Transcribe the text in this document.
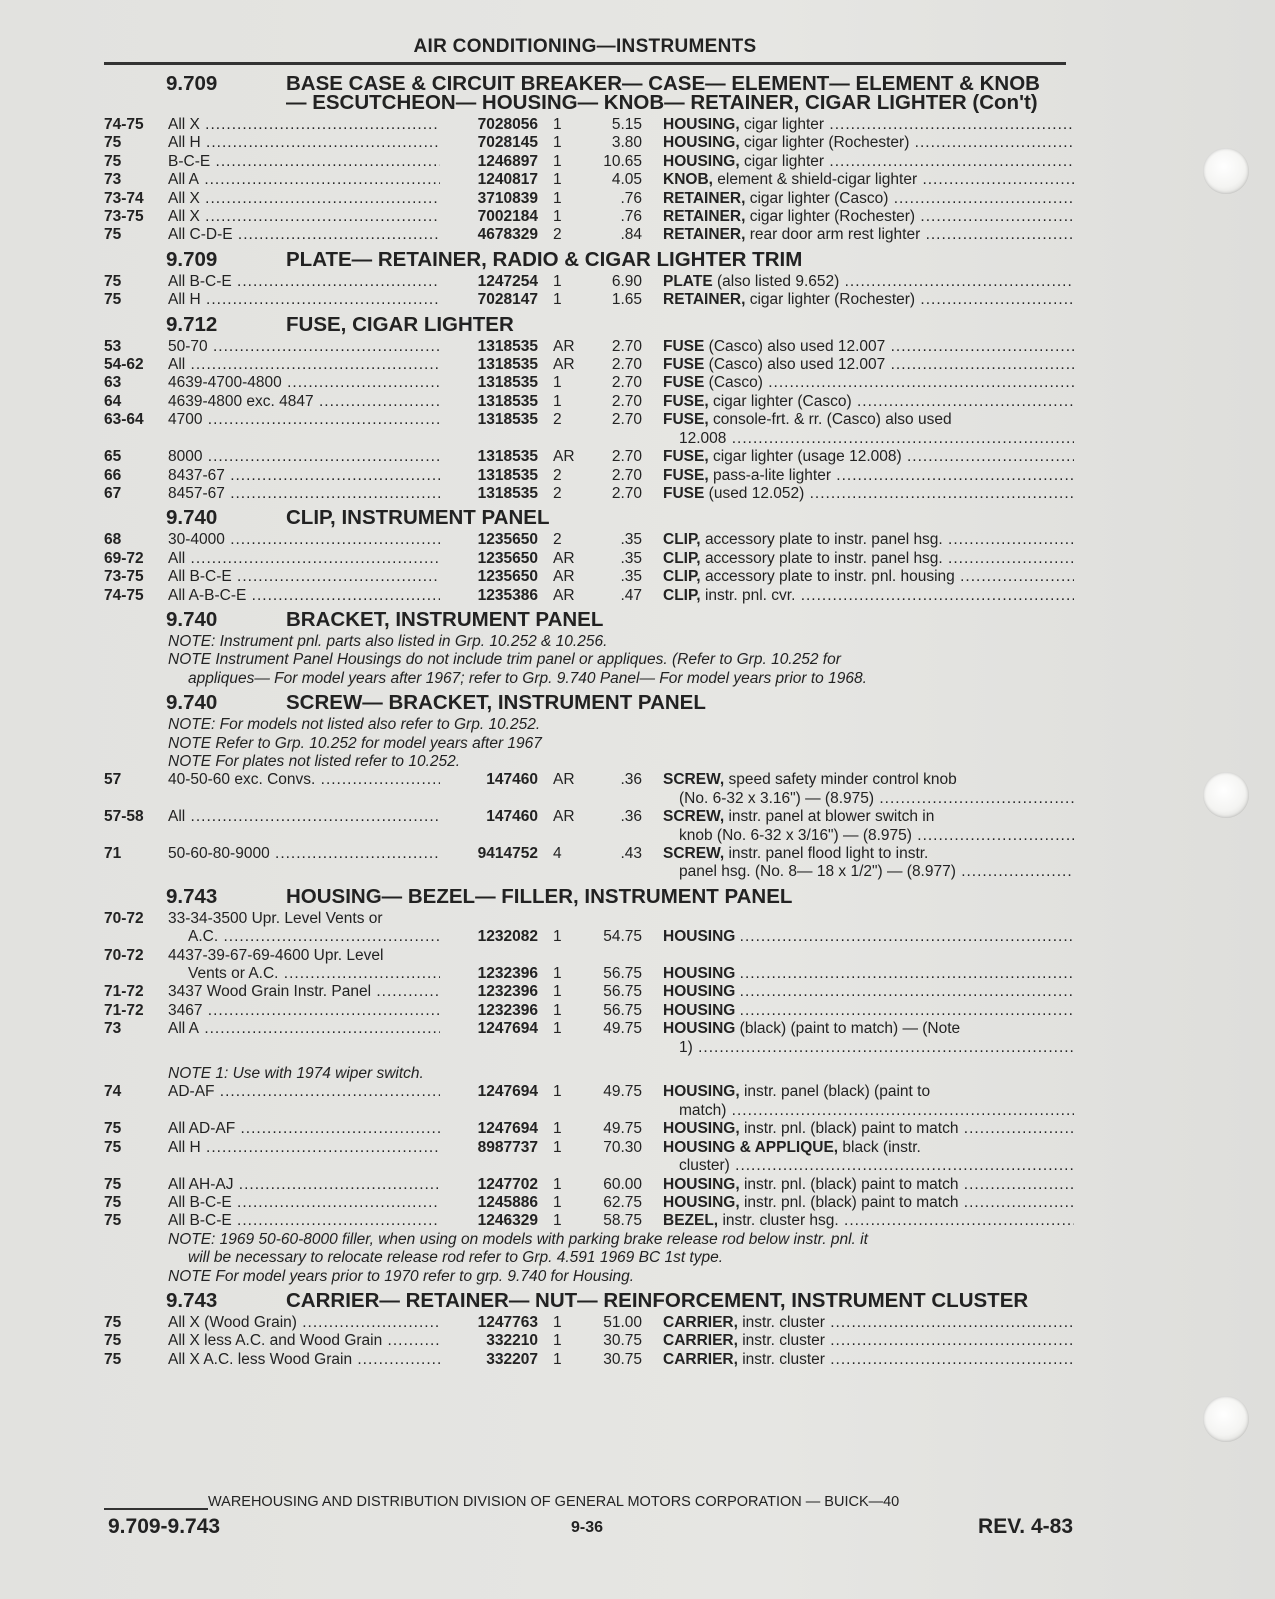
AIR CONDITIONING—INSTRUMENTS
9.709	BASE CASE & CIRCUIT BREAKER— CASE— ELEMENT— ELEMENT & KNOB— ESCUTCHEON— HOUSING— KNOB— RETAINER, CIGAR LIGHTER (Con't)
74-75	All X .....	7028056 1	5.15	HOUSING, cigar lighter .....
75	All H .....	7028145 1	3.80	HOUSING, cigar lighter (Rochester) .....
75	B-C-E .....	1246897 1	10.65	HOUSING, cigar lighter .....
73	All A .....	1240817 1	4.05	KNOB, element & shield-cigar lighter .....
73-74	All X .....	3710839 1	.76	RETAINER, cigar lighter (Casco) .....
73-75	All X .....	7002184 1	.76	RETAINER, cigar lighter (Rochester) .....
75	All C-D-E .....	4678329 2	.84	RETAINER, rear door arm rest lighter .....
9.709	PLATE— RETAINER, RADIO & CIGAR LIGHTER TRIM
75	All B-C-E .....	1247254 1	6.90	PLATE (also listed 9.652) .....
75	All H .....	7028147 1	1.65	RETAINER, cigar lighter (Rochester) .....
9.712	FUSE, CIGAR LIGHTER
53	50-70 .....	1318535 AR	2.70	FUSE (Casco) also used 12.007 .....
54-62	All .....	1318535 AR	2.70	FUSE (Casco) also used 12.007 .....
63	4639-4700-4800 .....	1318535 1	2.70	FUSE (Casco) .....
64	4639-4800 exc. 4847 .....	1318535 1	2.70	FUSE, cigar lighter (Casco) .....
63-64	4700 .....	1318535 2	2.70	FUSE, console-frt. & rr. (Casco) also used
12.008 .....
65	8000 .....	1318535 AR	2.70	FUSE, cigar lighter (usage 12.008) .....
66	8437-67 .....	1318535 2	2.70	FUSE, pass-a-lite lighter .....
67	8457-67 .....	1318535 2	2.70	FUSE (used 12.052) .....
9.740	CLIP, INSTRUMENT PANEL
68	30-4000 .....	1235650 2	.35	CLIP, accessory plate to instr. panel hsg. .....
69-72	All .....	1235650 AR	.35	CLIP, accessory plate to instr. panel hsg. .....
73-75	All B-C-E .....	1235650 AR	.35	CLIP, accessory plate to instr. pnl. housing .....
74-75	All A-B-C-E .....	1235386 AR	.47	CLIP, instr. pnl. cvr. .....
9.740	BRACKET, INSTRUMENT PANEL
NOTE: Instrument pnl. parts also listed in Grp. 10.252 & 10.256.
NOTE Instrument Panel Housings do not include trim panel or appliques. (Refer to Grp. 10.252 for
appliques— For model years after 1967; refer to Grp. 9.740 Panel— For model years prior to 1968.
9.740	SCREW— BRACKET, INSTRUMENT PANEL
NOTE: For models not listed also refer to Grp. 10.252.
NOTE Refer to Grp. 10.252 for model years after 1967
NOTE For plates not listed refer to 10.252.
57	40-50-60 exc. Convs. .....	147460 AR	.36	SCREW, speed safety minder control knob
(No. 6-32 x 3.16") — (8.975) .....
57-58	All .....	147460 AR	.36	SCREW, instr. panel at blower switch in
knob (No. 6-32 x 3/16") — (8.975) .....
71	50-60-80-9000 .....	9414752 4	.43	SCREW, instr. panel flood light to instr.
panel hsg. (No. 8— 18 x 1/2") — (8.977) .....
9.743	HOUSING— BEZEL— FILLER, INSTRUMENT PANEL
70-72	33-34-3500 Upr. Level Vents or
A.C. .....	1232082 1	54.75	HOUSING .....
70-72	4437-39-67-69-4600 Upr. Level
Vents or A.C. .....	1232396 1	56.75	HOUSING .....
71-72	3437 Wood Grain Instr. Panel .....	1232396 1	56.75	HOUSING .....
71-72	3467 .....	1232396 1	56.75	HOUSING .....
73	All A .....	1247694 1	49.75	HOUSING (black) (paint to match) — (Note
1) .....
NOTE 1: Use with 1974 wiper switch.
74	AD-AF .....	1247694 1	49.75	HOUSING, instr. panel (black) (paint to
match) .....
75	All AD-AF .....	1247694 1	49.75	HOUSING, instr. pnl. (black) paint to match .....
75	All H .....	8987737 1	70.30	HOUSING & APPLIQUE, black (instr.
cluster) .....
75	All AH-AJ .....	1247702 1	60.00	HOUSING, instr. pnl. (black) paint to match .....
75	All B-C-E .....	1245886 1	62.75	HOUSING, instr. pnl. (black) paint to match .....
75	All B-C-E .....	1246329 1	58.75	BEZEL, instr. cluster hsg. .....
NOTE: 1969 50-60-8000 filler, when using on models with parking brake release rod below instr. pnl. it
will be necessary to relocate release rod refer to Grp. 4.591 1969 BC 1st type.
NOTE For model years prior to 1970 refer to grp. 9.740 for Housing.
9.743	CARRIER— RETAINER— NUT— REINFORCEMENT, INSTRUMENT CLUSTER
75	All X (Wood Grain) .....	1247763 1	51.00	CARRIER, instr. cluster .....
75	All X less A.C. and Wood Grain .....	332210 1	30.75	CARRIER, instr. cluster .....
75	All X A.C. less Wood Grain .....	332207 1	30.75	CARRIER, instr. cluster .....
WAREHOUSING AND DISTRIBUTION DIVISION OF GENERAL MOTORS CORPORATION — BUICK—40
9.709-9.743	9-36	REV. 4-83
